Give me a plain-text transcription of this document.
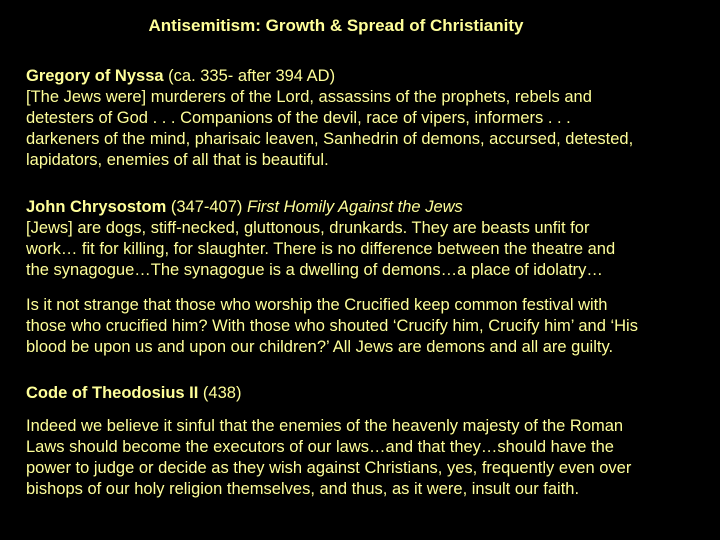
Antisemitism: Growth & Spread of Christianity
Gregory of Nyssa (ca. 335- after 394 AD)
[The Jews were] murderers of the Lord, assassins of the prophets, rebels and
detesters of God . . . Companions of the devil, race of vipers, informers . . .
darkeners of the mind, pharisaic leaven, Sanhedrin of demons, accursed, detested,
lapidators, enemies of all that is beautiful.
John Chrysostom (347-407) First Homily Against the Jews
[Jews] are dogs, stiff-necked, gluttonous, drunkards. They are beasts unfit for
work… fit for killing, for slaughter. There is no difference between the theatre and
the synagogue…The synagogue is a dwelling of demons…a place of idolatry…
Is it not strange that those who worship the Crucified keep common festival with
those who crucified him? With those who shouted ‘Crucify him, Crucify him’ and ‘His
blood be upon us and upon our children?’ All Jews are demons and all are guilty.
Code of Theodosius II (438)
Indeed we believe it sinful that the enemies of the heavenly majesty of the Roman
Laws should become the executors of our laws…and that they…should have the
power to judge or decide as they wish against Christians, yes, frequently even over
bishops of our holy religion themselves, and thus, as it were, insult our faith.
